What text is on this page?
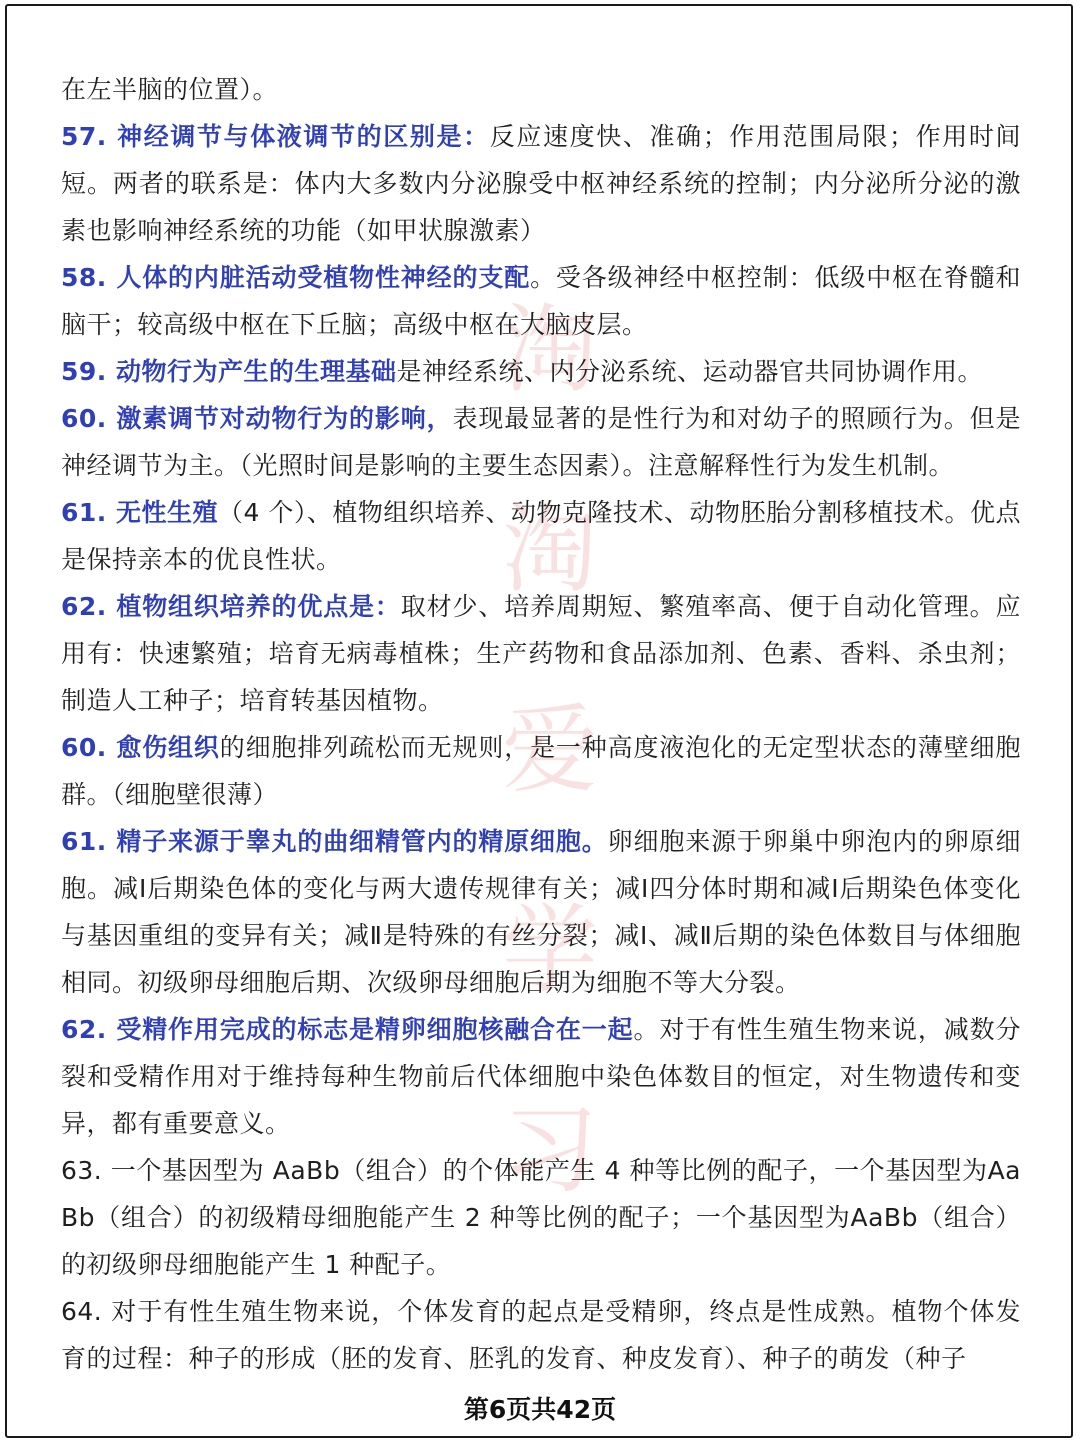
淘
淘
爱
学
习

在左半脑的位置）。

57. 神经调节与体液调节的区别是：反应速度快、准确；作用范围局限；作用时间短。两者的联系是：体内大多数内分泌腺受中枢神经系统的控制；内分泌所分泌的激素也影响神经系统的功能（如甲状腺激素）

58. 人体的内脏活动受植物性神经的支配。受各级神经中枢控制：低级中枢在脊髓和脑干；较高级中枢在下丘脑；高级中枢在大脑皮层。

59. 动物行为产生的生理基础是神经系统、内分泌系统、运动器官共同协调作用。

60. 激素调节对动物行为的影响，表现最显著的是性行为和对幼子的照顾行为。但是神经调节为主。（光照时间是影响的主要生态因素）。注意解释性行为发生机制。

61. 无性生殖（4 个）、植物组织培养、动物克隆技术、动物胚胎分割移植技术。优点是保持亲本的优良性状。

62. 植物组织培养的优点是：取材少、培养周期短、繁殖率高、便于自动化管理。应用有：快速繁殖；培育无病毒植株；生产药物和食品添加剂、色素、香料、杀虫剂；制造人工种子；培育转基因植物。

60. 愈伤组织的细胞排列疏松而无规则，是一种高度液泡化的无定型状态的薄壁细胞群。（细胞壁很薄）

61. 精子来源于睾丸的曲细精管内的精原细胞。卵细胞来源于卵巢中卵泡内的卵原细胞。减Ⅰ后期染色体的变化与两大遗传规律有关；减Ⅰ四分体时期和减Ⅰ后期染色体变化与基因重组的变异有关；减Ⅱ是特殊的有丝分裂；减Ⅰ、减Ⅱ后期的染色体数目与体细胞相同。初级卵母细胞后期、次级卵母细胞后期为细胞不等大分裂。

62. 受精作用完成的标志是精卵细胞核融合在一起。对于有性生殖生物来说，减数分裂和受精作用对于维持每种生物前后代体细胞中染色体数目的恒定，对生物遗传和变异，都有重要意义。

63. 一个基因型为 AaBb（组合）的个体能产生 4 种等比例的配子，一个基因型为AaBb（组合）的初级精母细胞能产生 2 种等比例的配子；一个基因型为AaBb（组合）的初级卵母细胞能产生 1 种配子。

64. 对于有性生殖生物来说，个体发育的起点是受精卵，终点是性成熟。植物个体发育的过程：种子的形成（胚的发育、胚乳的发育、种皮发育）、种子的萌发（种子

第6页共42页
